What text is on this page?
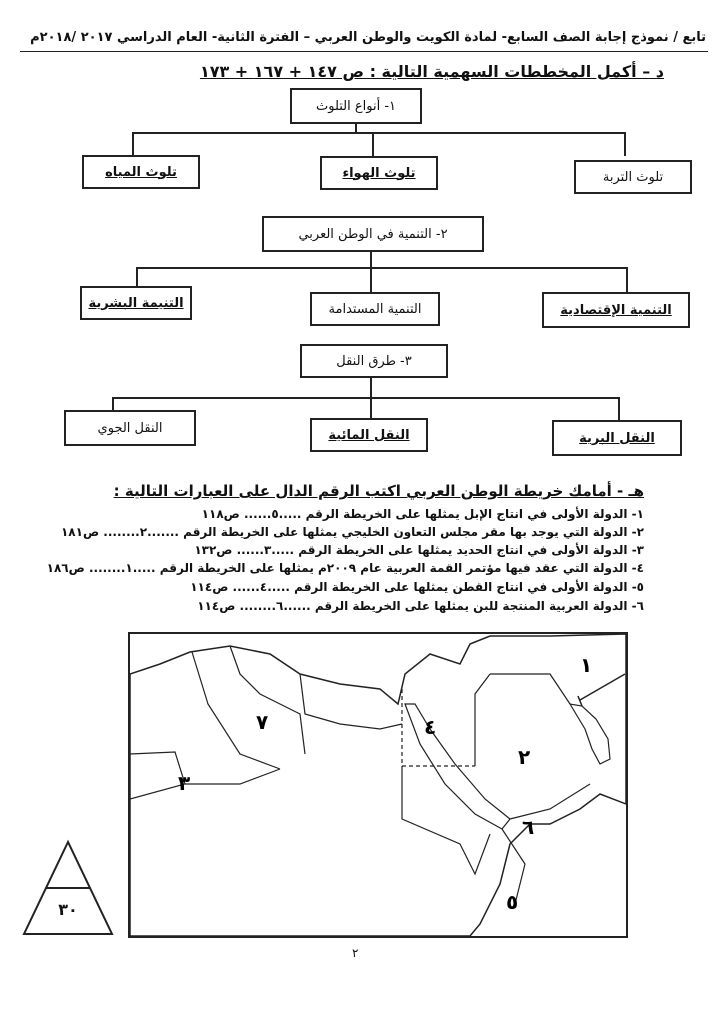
تابع / نموذج إجابة الصف السابع- لمادة الكويت والوطن العربي – الفترة الثانية- العام الدراسي ٢٠١٧ /٢٠١٨م
د – أكمل المخططات السهمية التالية : ص ١٤٧ + ١٦٧ + ١٧٣
١- أنواع التلوث
تلوث المياه	تلوث الهواء	تلوث التربة
٢- التنمية في الوطن العربي
التنيمة البشرية	التنمية المستدامة	التنمية الإقتصادية
٣- طرق النقل
النقل الجوي	النقل المائية	النقل البرية
هـ - أمامك خريطة الوطن العربي اكتب الرقم الدال على العبارات التالية :
١- الدولة الأولى في انتاج الإبل يمثلها على الخريطة الرقم .....٥...... ص١١٨
٢- الدولة التي يوجد بها مقر مجلس التعاون الخليجي يمثلها على الخريطة الرقم .......٢........ ص١٨١
٣- الدولة الأولى في انتاج الحديد يمثلها على الخريطة الرقم .....٣...... ص١٣٢
٤- الدولة التي عقد فيها مؤتمر القمة العربية عام ٢٠٠٩م يمثلها على الخريطة الرقم .....١........ ص١٨٦
٥- الدولة الأولى في انتاج القطن يمثلها على الخريطة الرقم .....٤...... ص١١٤
٦- الدولة العربية المنتجة للبن يمثلها على الخريطة الرقم ......٦........ ص١١٤
١
٢
٣
٤
٥
٦
٧
٣٠
٢
